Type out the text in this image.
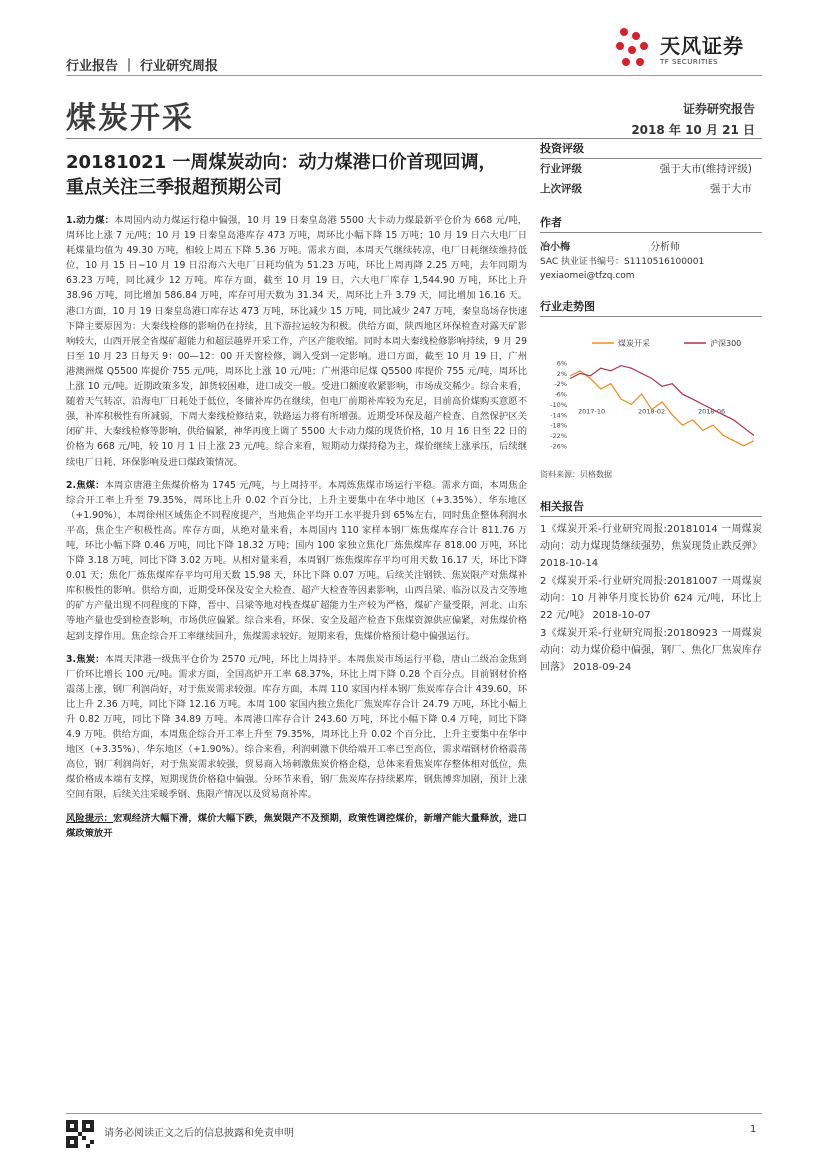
行业报告 ｜ 行业研究周报
天风证券
TF SECURITIES
煤炭开采	证券研究报告
2018 年 10 月 21 日
20181021 一周煤炭动向：动力煤港口价首现回调，
重点关注三季报超预期公司

1.动力煤：本周国内动力煤运行稳中偏强，10 月 19 日秦皇岛港 5500 大卡动力煤最新平仓价为 668 元/吨，周环比上涨 7 元/吨；10 月 19 日秦皇岛港库存 473 万吨，周环比小幅下降 15 万吨；10 月 19 日六大电厂日耗煤量均值为 49.30 万吨，相较上周五下降 5.36 万吨。需求方面，本周天气继续转凉，电厂日耗继续维持低位，10 月 15 日−10 月 19 日沿海六大电厂日耗均值为 51.23 万吨，环比上周再降 2.25 万吨，去年同期为 63.23 万吨，同比减少 12 万吨。库存方面，截至 10 月 19 日，六大电厂库存 1,544.90 万吨，环比上升 38.96 万吨，同比增加 586.84 万吨，库存可用天数为 31.34 天，周环比上升 3.79 天，同比增加 16.16 天。港口方面，10 月 19 日秦皇岛港口库存达 473 万吨，环比减少 15 万吨，同比减少 247 万吨，秦皇岛场存快速下降主要原因为：大秦线检修的影响仍在持续，且下游拉运较为积极。供给方面，陕西地区环保检查对露天矿影响较大，山西开展全省煤矿超能力和超层越界开采工作，产区产能收缩。同时本周大秦线检修影响持续，9 月 29 日至 10 月 23 日每天 9：00—12：00 开天窗检修，调入受到一定影响。进口方面，截至 10 月 19 日，广州港澳洲煤 Q5500 库提价 755 元/吨，周环比上涨 10 元/吨；广州港印尼煤 Q5500 库提价 755 元/吨，周环比上涨 10 元/吨。近期政策多发，卸货较困难，进口成交一般。受进口额度收紧影响，市场成交稀少。综合来看，随着天气转凉，沿海电厂日耗处于低位，冬储补库仍在继续，但电厂前期补库较为充足，目前高价煤购买意愿不强，补库积极性有所减弱，下周大秦线检修结束，铁路运力将有所增强。近期受环保及超产检查、自然保护区关闭矿井、大秦线检修等影响，供给偏紧，神华再度上调了 5500 大卡动力煤的现货价格，10 月 16 日至 22 日的价格为 668 元/吨，较 10 月 1 日上涨 23 元/吨。综合来看，短期动力煤持稳为主，煤价继续上涨承压，后续继续电厂日耗、环保影响及进口煤政策情况。

2.焦煤：本周京唐港主焦煤价格为 1745 元/吨，与上周持平。本周炼焦煤市场运行平稳。需求方面，本周焦企综合开工率上升至 79.35%，周环比上升 0.02 个百分比，上升主要集中在华中地区（+3.35%）、华东地区（+1.90%），本周徐州区域焦企不同程度提产，当地焦企平均开工水平提升到 65%左右，同时焦企整体利润水平高，焦企生产积极性高。库存方面，从绝对量来看，本周国内 110 家样本钢厂炼焦煤库存合计 811.76 万吨，环比小幅下降 0.46 万吨，同比下降 18.32 万吨；国内 100 家独立焦化厂炼焦煤库存 818.00 万吨，环比下降 3.18 万吨，同比下降 3.02 万吨。从相对量来看，本周钢厂炼焦煤库存平均可用天数 16.17 天，环比下降 0.01 天；焦化厂炼焦煤库存平均可用天数 15.98 天，环比下降 0.07 万吨。后续关注钢铁、焦炭限产对焦煤补库积极性的影响。供给方面，近期受环保及安全大检查、超产大检查等因素影响，山西吕梁、临汾以及古交等地的矿方产量出现不同程度的下降，晋中、吕梁等地对栈查煤矿超能力生产较为严格，煤矿产量受限，河北、山东等地产量也受到检查影响，市场供应偏紧。综合来看，环保、安全及超产检查下焦煤资源供应偏紧，对焦煤价格起到支撑作用。焦企综合开工率继续回升，焦煤需求较好。短期来看，焦煤价格预计稳中偏强运行。

3.焦炭：本周天津港一级焦平仓价为 2570 元/吨，环比上周持平。本周焦炭市场运行平稳，唐山二级冶金焦到厂价环比增长 100 元/吨。需求方面，全国高炉开工率 68.37%，环比上周下降 0.28 个百分点。目前钢材价格震荡上涨，钢厂利润尚好，对于焦炭需求较强。库存方面，本周 110 家国内样本钢厂焦炭库存合计 439.60，环比上升 2.36 万吨，同比下降 12.16 万吨。本周 100 家国内独立焦化厂焦炭库存合计 24.79 万吨，环比小幅上升 0.82 万吨，同比下降 34.89 万吨。本周港口库存合计 243.60 万吨，环比小幅下降 0.4 万吨，同比下降 4.9 万吨。供给方面，本周焦企综合开工率上升至 79.35%，周环比上升 0.02 个百分比，上升主要集中在华中地区（+3.35%）、华东地区（+1.90%）。综合来看，利润刺激下供给端开工率已至高位，需求端钢材价格震荡高位，钢厂利润尚好，对于焦炭需求较强，贸易商入场刺激焦炭价格企稳，总体来看焦炭库存整体相对低位，焦煤价格成本端有支撑，短期现货价格稳中偏强。分环节来看，钢厂焦炭库存持续累库，钢焦博弈加剧，预计上涨空间有限，后续关注采暖季钢、焦限产情况以及贸易商补库。

风险提示：宏观经济大幅下滑，煤价大幅下跌，焦炭限产不及预期，政策性调控煤价，新增产能大量释放，进口煤政策放开

投资评级
行业评级	强于大市(维持评级)
上次评级	强于大市
作者
冶小梅	分析师
SAC 执业证书编号：S1110516100001
yexiaomei@tfzq.com
行业走势图
煤炭开采	沪深300
6%
2%
-2%
-6%
-10%
-14%
-18%
-22%
-26%
2017-10	2018-02	2018-06
资料来源：贝格数据
相关报告
1《煤炭开采-行业研究周报:20181014 一周煤炭动向：动力煤现货继续强势，焦炭现货止跌反弹》 2018-10-14
2《煤炭开采-行业研究周报:20181007 一周煤炭动向：10 月神华月度长协价 624 元/吨，环比上 22 元/吨》 2018-10-07
3《煤炭开采-行业研究周报:20180923 一周煤炭动向：动力煤价稳中偏强，钢厂、焦化厂焦炭库存回落》 2018-09-24
请务必阅读正文之后的信息披露和免责申明	1
